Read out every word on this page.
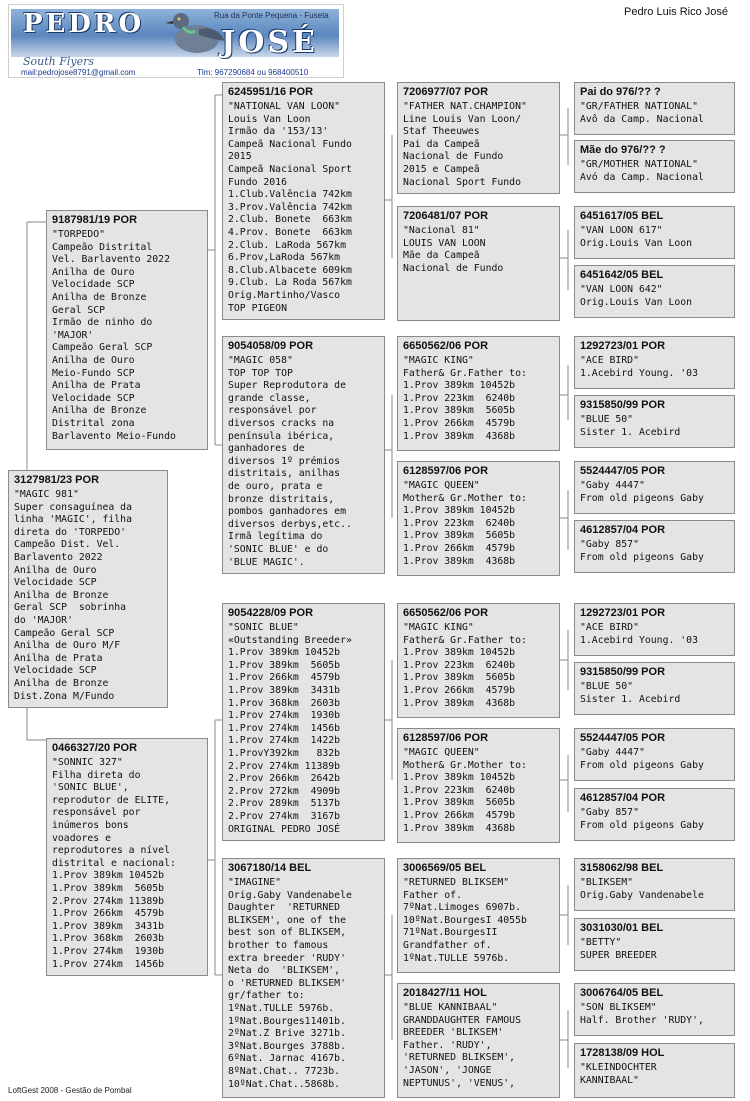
PEDRO
JOSÉ
Rua da Ponte Pequena - Fuseta
South Flyers
mail:pedrojose8791@gmail.com	Tlm: 967290684 ou 968400510
Pedro Luis Rico José
3127981/23 POR
"MAGIC 981"
Super consaguínea da
linha 'MAGIC', filha
direta do 'TORPEDO'
Campeão Dist. Vel.
Barlavento 2022
Anilha de Ouro
Velocidade SCP
Anilha de Bronze
Geral SCP  sobrinha
do 'MAJOR'
Campeão Geral SCP
Anilha de Ouro M/F
Anilha de Prata
Velocidade SCP
Anilha de Bronze
Dist.Zona M/Fundo
9187981/19 POR
"TORPEDO"
Campeão Distrital
Vel. Barlavento 2022
Anilha de Ouro
Velocidade SCP
Anilha de Bronze
Geral SCP
Irmão de ninho do
'MAJOR'
Campeão Geral SCP
Anilha de Ouro
Meio-Fundo SCP
Anilha de Prata
Velocidade SCP
Anilha de Bronze
Distrital zona
Barlavento Meio-Fundo
0466327/20 POR
"SONNIC 327"
Filha direta do
'SONIC BLUE',
reprodutor de ELITE,
responsável por
inúmeros bons
voadores e
reprodutores a nível
distrital e nacional:
1.Prov 389km 10452b
1.Prov 389km  5605b
2.Prov 274km 11389b
1.Prov 266km  4579b
1.Prov 389km  3431b
1.Prov 368km  2603b
1.Prov 274km  1930b
1.Prov 274km  1456b
6245951/16 POR
"NATIONAL VAN LOON"
Louis Van Loon
Irmão da '153/13'
Campeã Nacional Fundo
2015
Campeã Nacional Sport
Fundo 2016
1.Club.Valência 742km
3.Prov.Valência 742km
2.Club. Bonete  663km
4.Prov. Bonete  663km
2.Club. LaRoda 567km
6.Prov,LaRoda 567km
8.Club.Albacete 609km
9.Club. La Roda 567km
Orig.Martinho/Vasco
TOP PIGEON
9054058/09 POR
"MAGIC 058"
TOP TOP TOP
Super Reprodutora de
grande classe,
responsável por
diversos cracks na
península ibérica,
ganhadores de
diversos 1º prémios
distritais, anilhas
de ouro, prata e
bronze distritais,
pombos ganhadores em
diversos derbys,etc..
Irmã legítima do
'SONIC BLUE' e do
'BLUE MAGIC'.
9054228/09 POR
"SONIC BLUE"
«Outstanding Breeder»
1.Prov 389km 10452b
1.Prov 389km  5605b
1.Prov 266km  4579b
1.Prov 389km  3431b
1.Prov 368km  2603b
1.Prov 274km  1930b
1.Prov 274km  1456b
1.Prov 274km  1422b
1.ProvY392km   832b
2.Prov 274km 11389b
2.Prov 266km  2642b
2.Prov 272km  4909b
2.Prov 289km  5137b
2.Prov 274km  3167b
ORIGINAL PEDRO JOSÉ
3067180/14 BEL
"IMAGINE"
Orig.Gaby Vandenabele
Daughter  'RETURNED
BLIKSEM', one of the
best son of BLIKSEM,
brother to famous
extra breeder 'RUDY'
Neta do  'BLIKSEM',
o 'RETURNED BLIKSEM'
gr/father to:
1ºNat.TULLE 5976b.
1ºNat.Bourges11401b.
2ºNat.Z Brive 3271b.
3ºNat.Bourges 3788b.
6ºNat. Jarnac 4167b.
8ºNat.Chat.. 7723b.
10ºNat.Chat..5868b.
7206977/07 POR
"FATHER NAT.CHAMPION"
Line Louis Van Loon/
Staf Theeuwes
Pai da Campeã
Nacional de Fundo
2015 e Campeã
Nacional Sport Fundo
7206481/07 POR
"Nacional 81"
LOUIS VAN LOON
Mãe da Campeã
Nacional de Fundo
6650562/06 POR
"MAGIC KING"
Father& Gr.Father to:
1.Prov 389km 10452b
1.Prov 223km  6240b
1.Prov 389km  5605b
1.Prov 266km  4579b
1.Prov 389km  4368b
6128597/06 POR
"MAGIC QUEEN"
Mother& Gr.Mother to:
1.Prov 389km 10452b
1.Prov 223km  6240b
1.Prov 389km  5605b
1.Prov 266km  4579b
1.Prov 389km  4368b
6650562/06 POR
"MAGIC KING"
Father& Gr.Father to:
1.Prov 389km 10452b
1.Prov 223km  6240b
1.Prov 389km  5605b
1.Prov 266km  4579b
1.Prov 389km  4368b
6128597/06 POR
"MAGIC QUEEN"
Mother& Gr.Mother to:
1.Prov 389km 10452b
1.Prov 223km  6240b
1.Prov 389km  5605b
1.Prov 266km  4579b
1.Prov 389km  4368b
3006569/05 BEL
"RETURNED BLIKSEM"
Father of.
7ºNat.Limoges 6907b.
10ºNat.BourgesI 4055b
71ºNat.BourgesII
Grandfather of.
1ºNat.TULLE 5976b.
2018427/11 HOL
"BLUE KANNIBAAL"
GRANDDAUGHTER FAMOUS
BREEDER 'BLIKSEM'
Father. 'RUDY',
'RETURNED BLIKSEM',
'JASON', 'JONGE
NEPTUNUS', 'VENUS',
Pai do 976/?? ?
"GR/FATHER NATIONAL"
Avô da Camp. Nacional
Mãe do 976/?? ?
"GR/MOTHER NATIONAL"
Avó da Camp. Nacional
6451617/05 BEL
"VAN LOON 617"
Orig.Louis Van Loon
6451642/05 BEL
"VAN LOON 642"
Orig.Louis Van Loon
1292723/01 POR
"ACE BIRD"
1.Acebird Young. '03
9315850/99 POR
"BLUE 50"
Sister 1. Acebird
5524447/05 POR
"Gaby 4447"
From old pigeons Gaby
4612857/04 POR
"Gaby 857"
From old pigeons Gaby
1292723/01 POR
"ACE BIRD"
1.Acebird Young. '03
9315850/99 POR
"BLUE 50"
Sister 1. Acebird
5524447/05 POR
"Gaby 4447"
From old pigeons Gaby
4612857/04 POR
"Gaby 857"
From old pigeons Gaby
3158062/98 BEL
"BLIKSEM"
Orig.Gaby Vandenabele
3031030/01 BEL
"BETTY"
SUPER BREEDER
3006764/05 BEL
"SON BLIKSEM"
Half. Brother 'RUDY',
1728138/09 HOL
"KLEINDOCHTER
KANNIBAAL"
LoftGest 2008 - Gestão de Pombal
